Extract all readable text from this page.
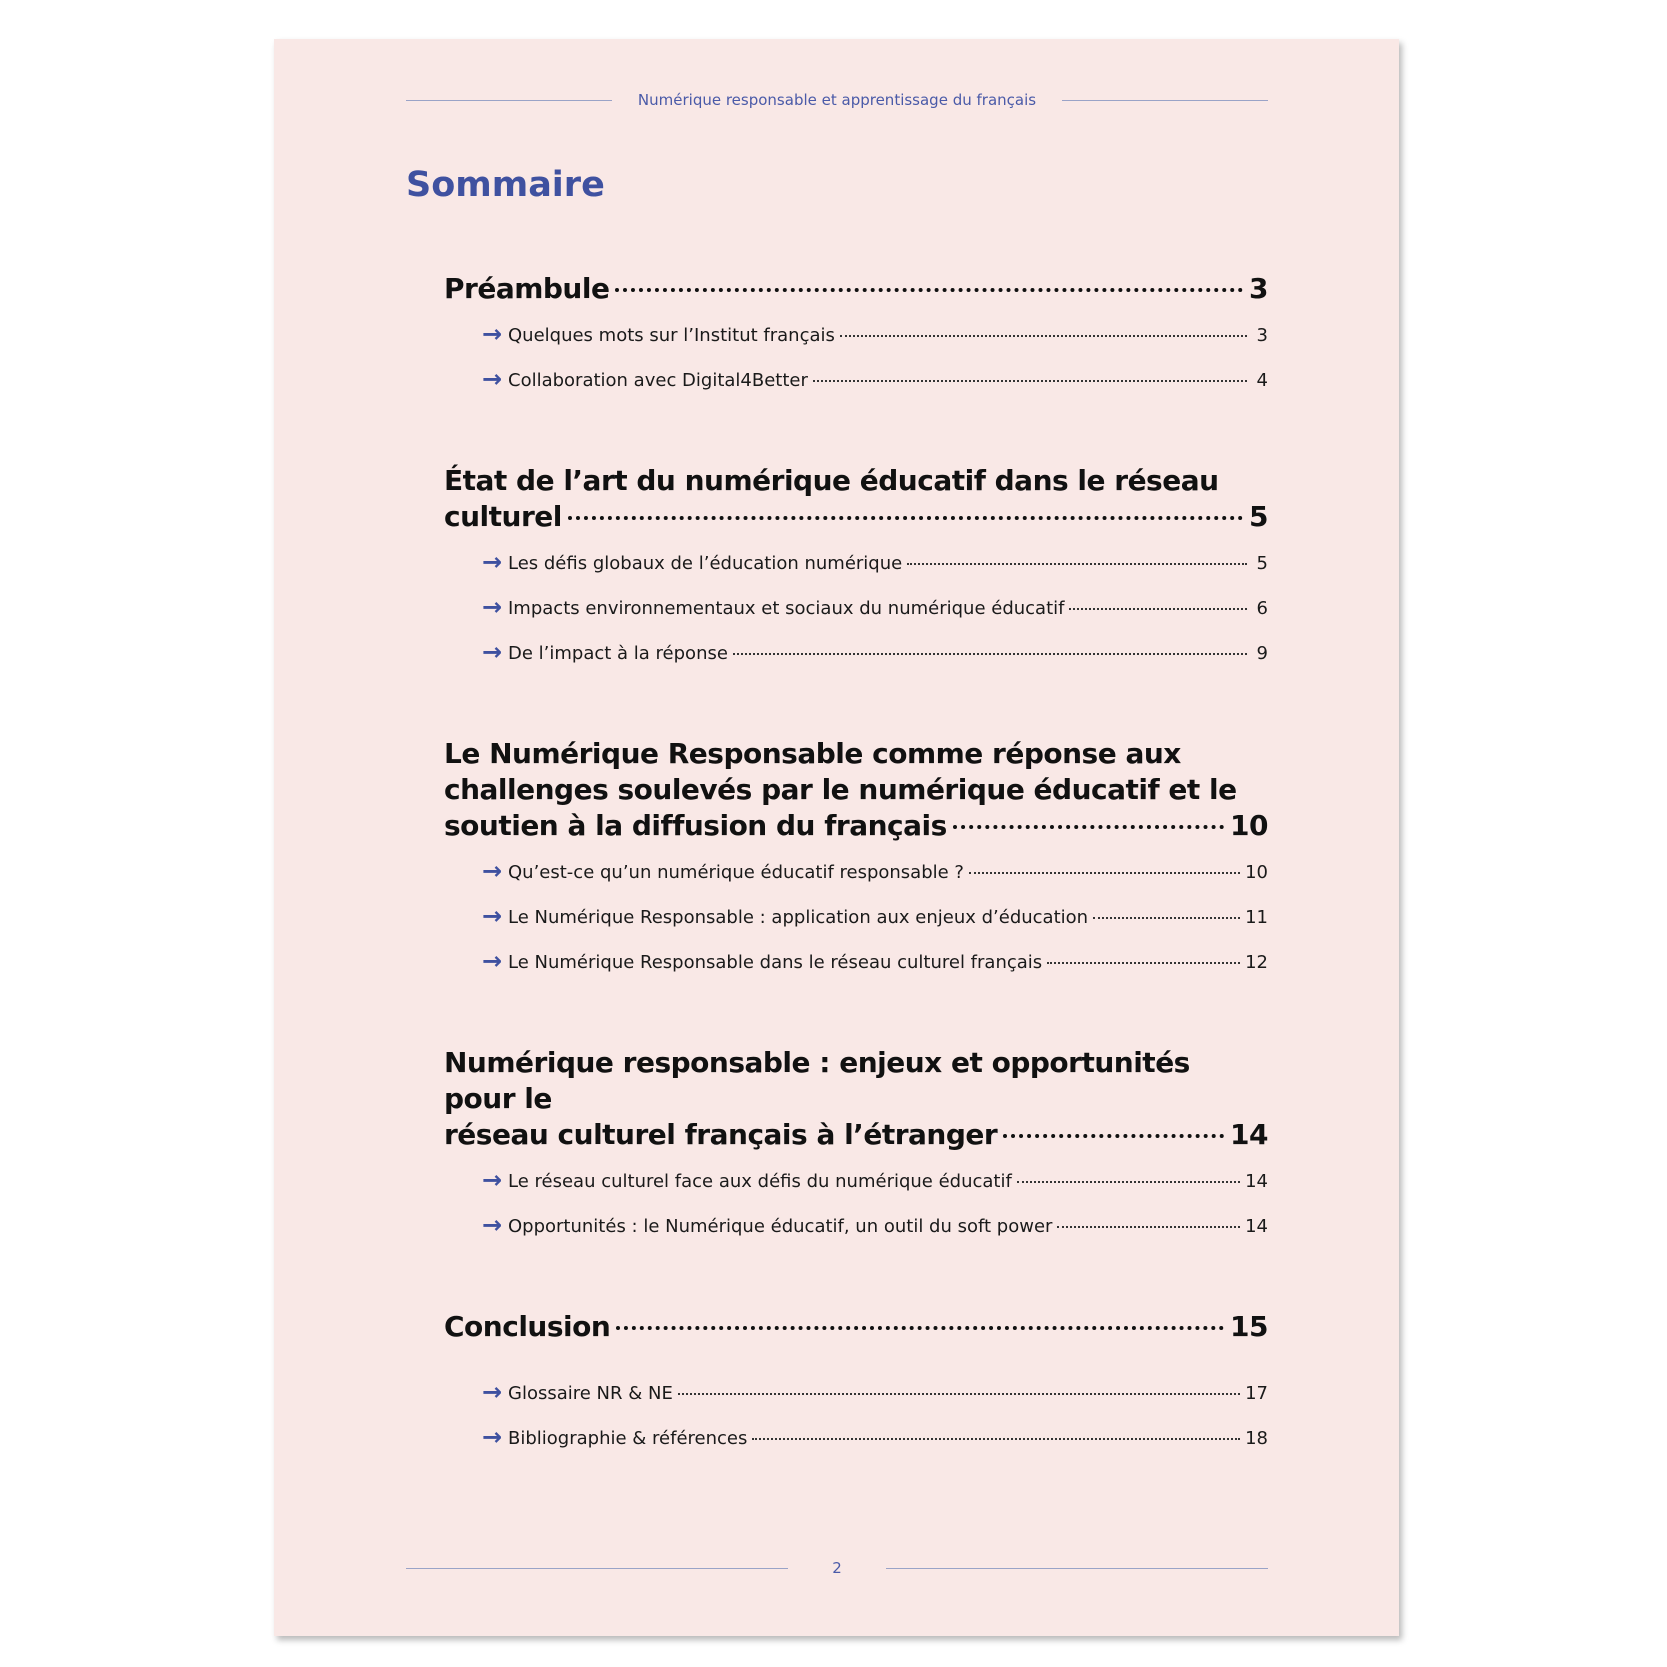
Numérique responsable et apprentissage du français
Sommaire
Préambule	3
→ Quelques mots sur l’Institut français	3
→ Collaboration avec Digital4Better	4
État de l’art du numérique éducatif dans le réseau
culturel	5
→ Les défis globaux de l’éducation numérique	5
→ Impacts environnementaux et sociaux du numérique éducatif	6
→ De l’impact à la réponse	9
Le Numérique Responsable comme réponse aux challenges soulevés par le numérique éducatif et le
soutien à la diffusion du français	10
→ Qu’est-ce qu’un numérique éducatif responsable ?	10
→ Le Numérique Responsable : application aux enjeux d’éducation	11
→ Le Numérique Responsable dans le réseau culturel français	12
Numérique responsable : enjeux et opportunités pour le
réseau culturel français à l’étranger	14
→ Le réseau culturel face aux défis du numérique éducatif	14
→ Opportunités : le Numérique éducatif, un outil du soft power	14
Conclusion	15
→ Glossaire NR & NE	17
→ Bibliographie & références	18
2
